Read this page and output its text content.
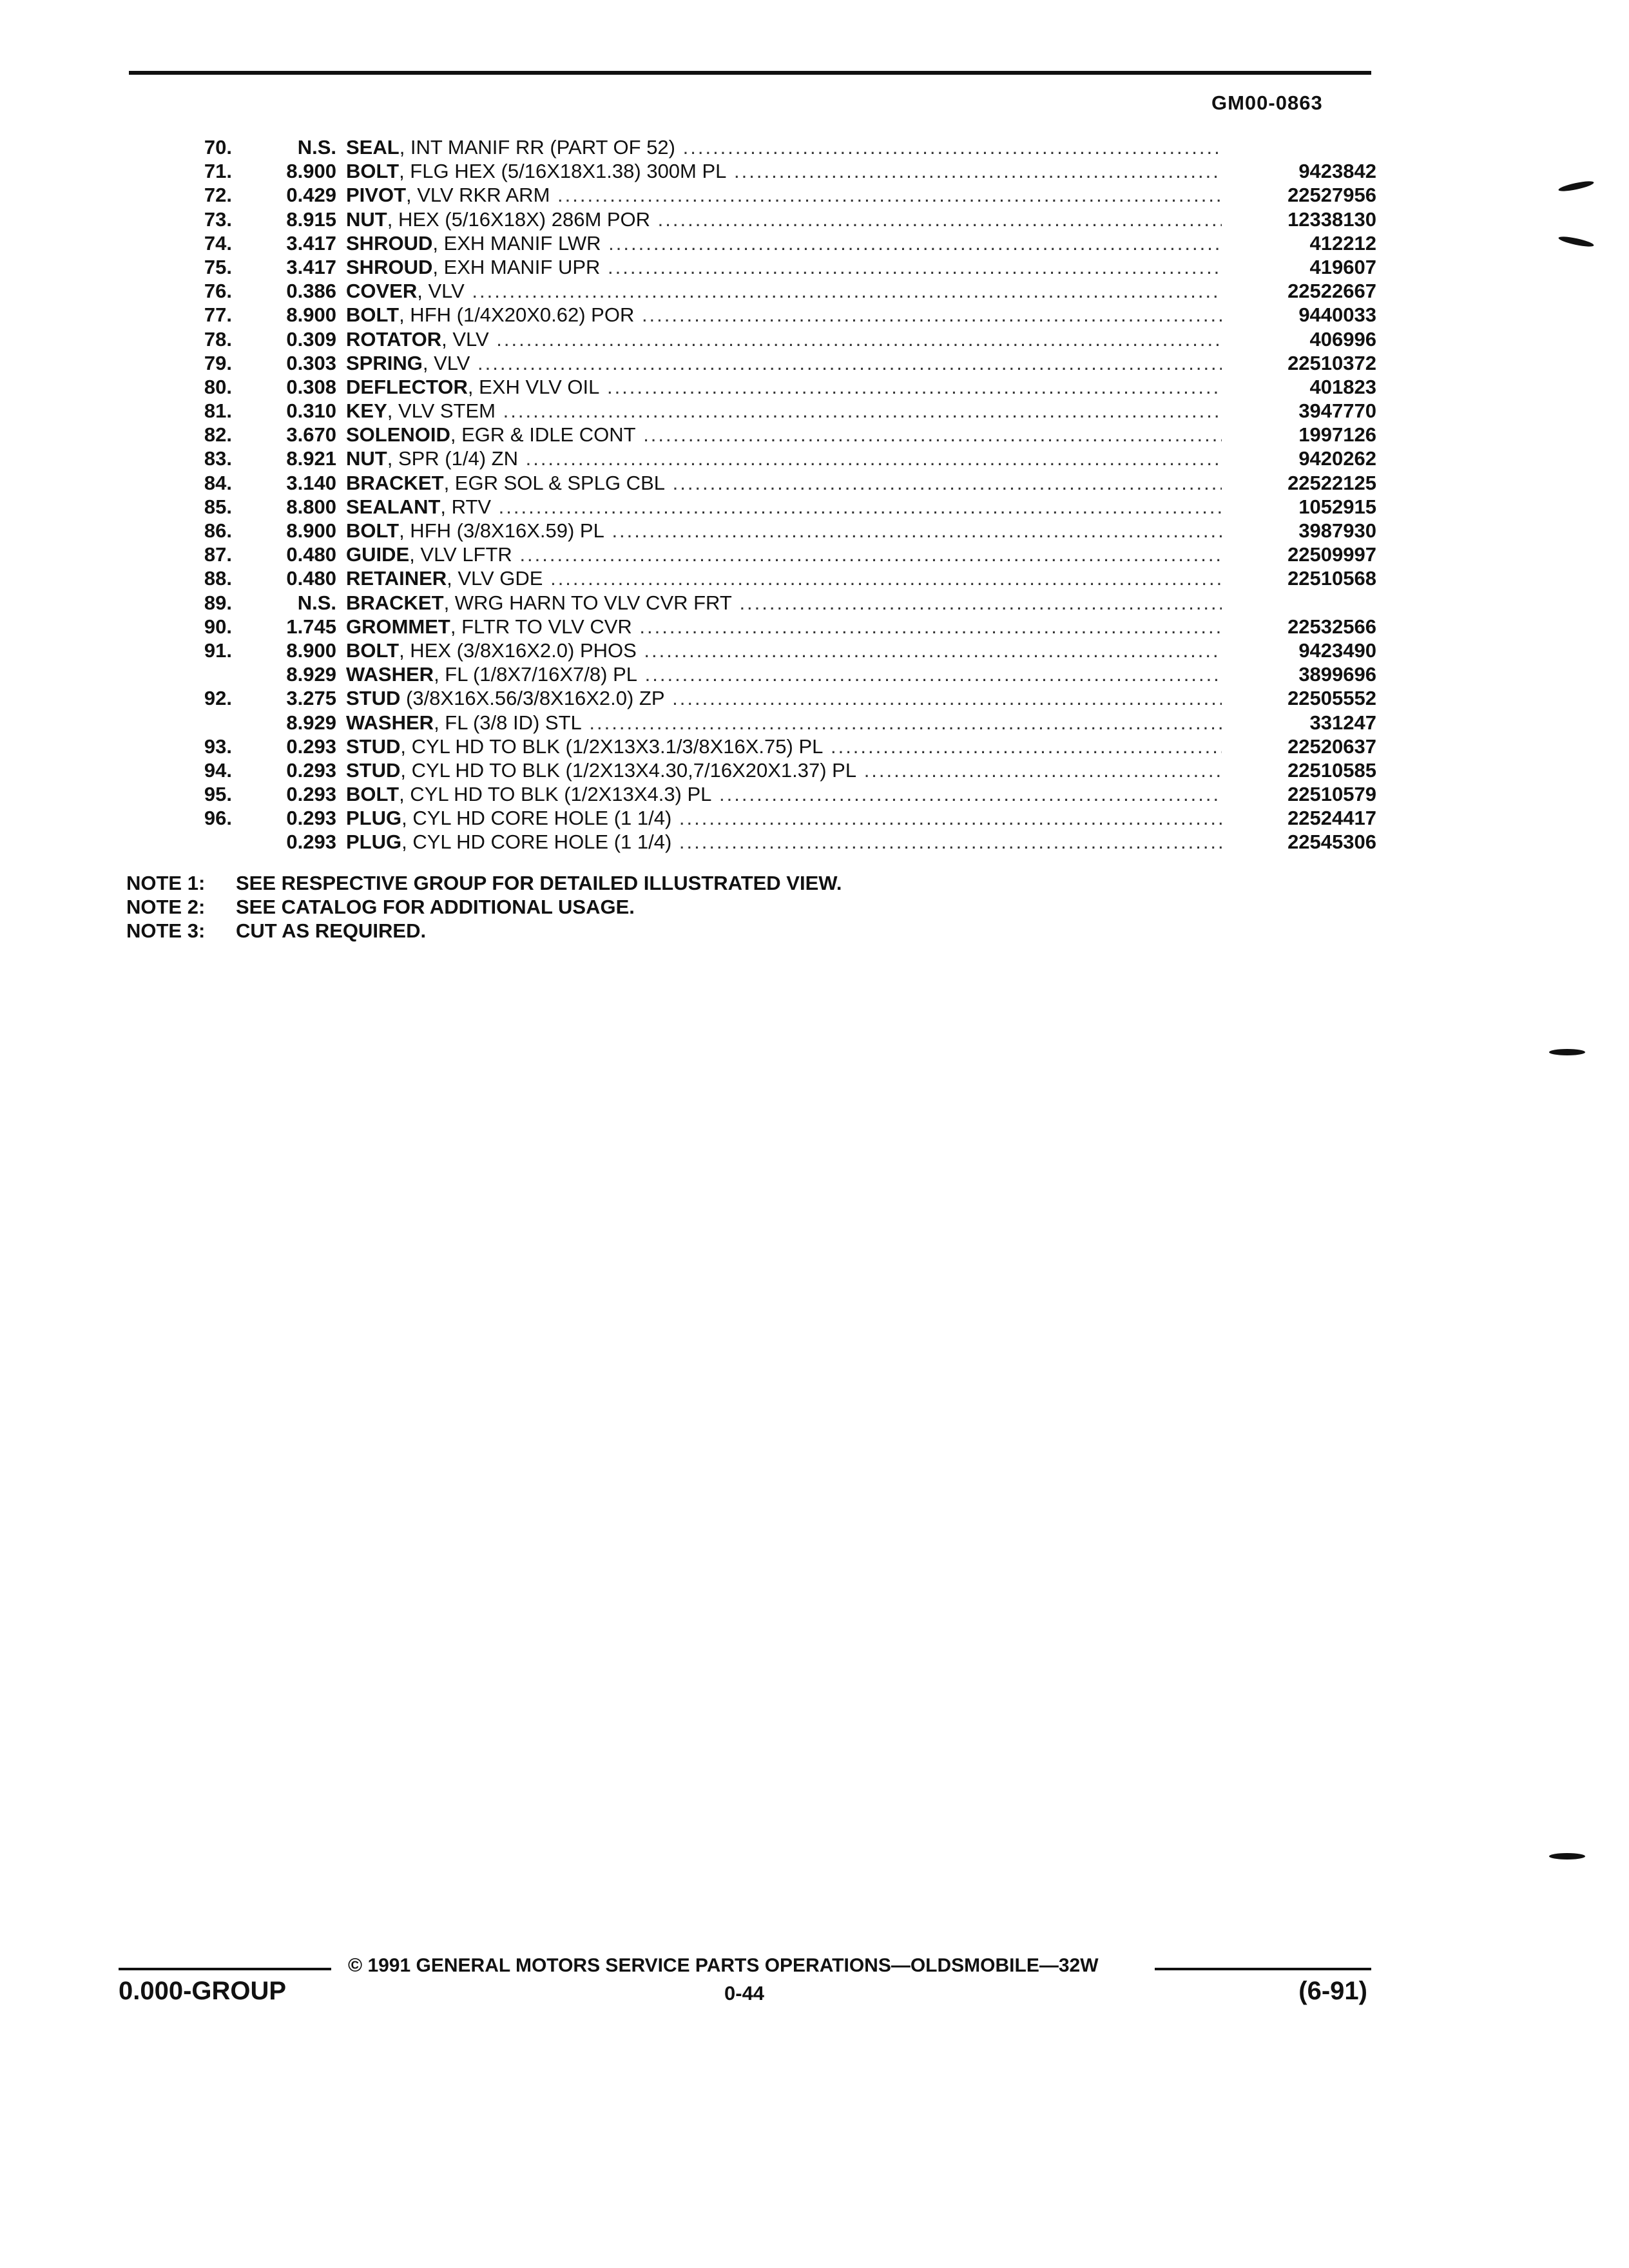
GM00-0863
70.	N.S. SEAL, INT MANIF RR (PART OF 52) .....
71.	8.900 BOLT, FLG HEX (5/16X18X1.38) 300M PL .....	9423842
72.	0.429 PIVOT, VLV RKR ARM .....	22527956
73.	8.915 NUT, HEX (5/16X18X) 286M POR .....	12338130
74.	3.417 SHROUD, EXH MANIF LWR .....	412212
75.	3.417 SHROUD, EXH MANIF UPR .....	419607
76.	0.386 COVER, VLV .....	22522667
77.	8.900 BOLT, HFH (1/4X20X0.62) POR .....	9440033
78.	0.309 ROTATOR, VLV .....	406996
79.	0.303 SPRING, VLV .....	22510372
80.	0.308 DEFLECTOR, EXH VLV OIL .....	401823
81.	0.310 KEY, VLV STEM .....	3947770
82.	3.670 SOLENOID, EGR & IDLE CONT .....	1997126
83.	8.921 NUT, SPR (1/4) ZN .....	9420262
84.	3.140 BRACKET, EGR SOL & SPLG CBL .....	22522125
85.	8.800 SEALANT, RTV .....	1052915
86.	8.900 BOLT, HFH (3/8X16X.59) PL .....	3987930
87.	0.480 GUIDE, VLV LFTR .....	22509997
88.	0.480 RETAINER, VLV GDE .....	22510568
89.	N.S. BRACKET, WRG HARN TO VLV CVR FRT .....
90.	1.745 GROMMET, FLTR TO VLV CVR .....	22532566
91.	8.900 BOLT, HEX (3/8X16X2.0) PHOS .....	9423490
8.929 WASHER, FL (1/8X7/16X7/8) PL .....	3899696
92.	3.275 STUD (3/8X16X.56/3/8X16X2.0) ZP .....	22505552
8.929 WASHER, FL (3/8 ID) STL .....	331247
93.	0.293 STUD, CYL HD TO BLK (1/2X13X3.1/3/8X16X.75) PL .....	22520637
94.	0.293 STUD, CYL HD TO BLK (1/2X13X4.30,7/16X20X1.37) PL .....	22510585
95.	0.293 BOLT, CYL HD TO BLK (1/2X13X4.3) PL .....	22510579
96.	0.293 PLUG, CYL HD CORE HOLE (1 1/4) .....	22524417
0.293 PLUG, CYL HD CORE HOLE (1 1/4) .....	22545306
NOTE 1: SEE RESPECTIVE GROUP FOR DETAILED ILLUSTRATED VIEW.
NOTE 2: SEE CATALOG FOR ADDITIONAL USAGE.
NOTE 3: CUT AS REQUIRED.
© 1991 GENERAL MOTORS SERVICE PARTS OPERATIONS—OLDSMOBILE—32W
0.000-GROUP	0-44	(6-91)
